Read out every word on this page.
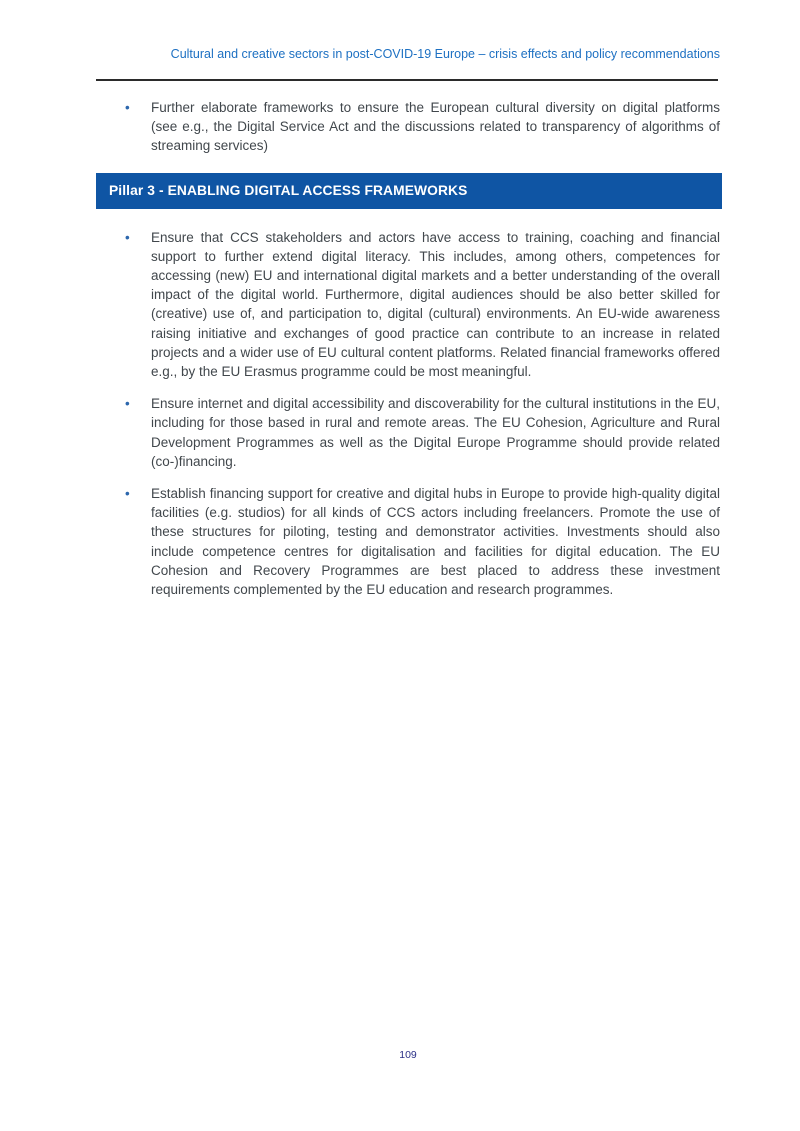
Cultural and creative sectors in post-COVID-19 Europe – crisis effects and policy recommendations
• Further elaborate frameworks to ensure the European cultural diversity on digital platforms (see e.g., the Digital Service Act and the discussions related to transparency of algorithms of streaming services)
Pillar 3 - ENABLING DIGITAL ACCESS FRAMEWORKS
• Ensure that CCS stakeholders and actors have access to training, coaching and financial support to further extend digital literacy. This includes, among others, competences for accessing (new) EU and international digital markets and a better understanding of the overall impact of the digital world. Furthermore, digital audiences should be also better skilled for (creative) use of, and participation to, digital (cultural) environments. An EU-wide awareness raising initiative and exchanges of good practice can contribute to an increase in related projects and a wider use of EU cultural content platforms. Related financial frameworks offered e.g., by the EU Erasmus programme could be most meaningful.
• Ensure internet and digital accessibility and discoverability for the cultural institutions in the EU, including for those based in rural and remote areas. The EU Cohesion, Agriculture and Rural Development Programmes as well as the Digital Europe Programme should provide related (co-)financing.
• Establish financing support for creative and digital hubs in Europe to provide high-quality digital facilities (e.g. studios) for all kinds of CCS actors including freelancers. Promote the use of these structures for piloting, testing and demonstrator activities. Investments should also include competence centres for digitalisation and facilities for digital education. The EU Cohesion and Recovery Programmes are best placed to address these investment requirements complemented by the EU education and research programmes.
109
